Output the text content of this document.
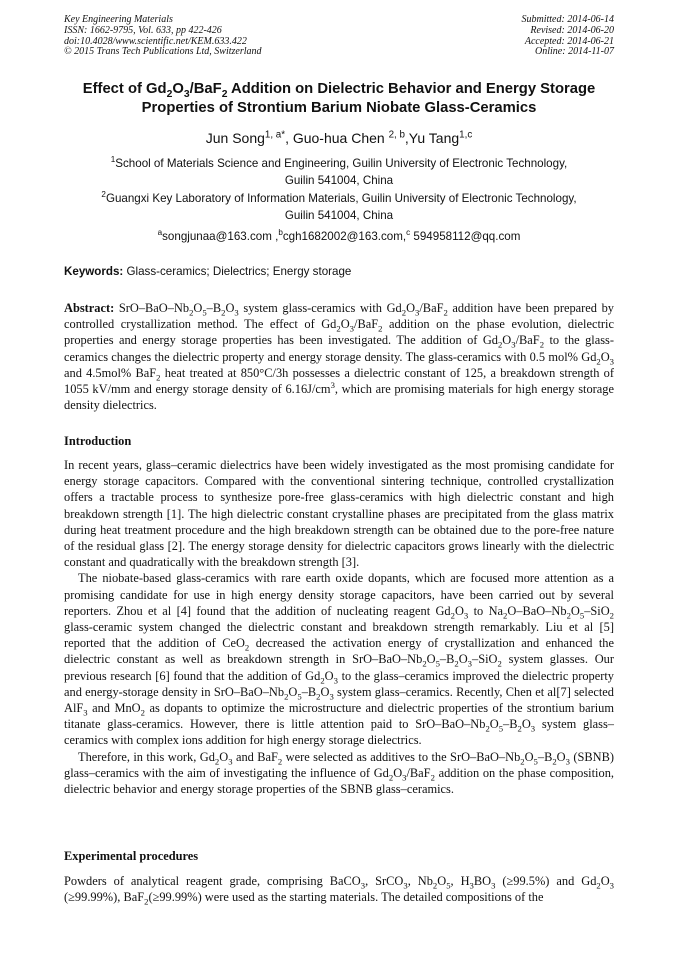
Key Engineering Materials
ISSN: 1662-9795, Vol. 633, pp 422-426
doi:10.4028/www.scientific.net/KEM.633.422
© 2015 Trans Tech Publications Ltd, Switzerland
Submitted: 2014-06-14
Revised: 2014-06-20
Accepted: 2014-06-21
Online: 2014-11-07
Effect of $Gd_2O_3/BaF_2$ Addition on Dielectric Behavior and Energy Storage
Properties of Strontium Barium Niobate Glass-Ceramics
Jun Song$^{1, a*}$, Guo-hua Chen $^{2, b}$,Yu Tang$^{1,c}$
$^1$School of Materials Science and Engineering, Guilin University of Electronic Technology,
Guilin 541004, China
$^2$Guangxi Key Laboratory of Information Materials, Guilin University of Electronic Technology,
Guilin 541004, China
$^a$songjunaa@163.com ,$^b$cgh1682002@163.com,$^c$ 594958112@qq.com
Keywords: Glass-ceramics; Dielectrics; Energy storage

Abstract: SrO–$BaO-Nb_2O_5-B_2O_3$ system glass-ceramics with $Gd_2O_3/BaF_2$ addition have been prepared by controlled crystallization method. The effect of $Gd_2O_3/BaF_2$ addition on the phase evolution, dielectric properties and energy storage properties has been investigated. The addition of $Gd_2O_3/BaF_2$ to the glass-ceramics changes the dielectric property and energy storage density. The glass-ceramics with 0.5 mol% $Gd_2O_3$ and 4.5mol% BaF$_2$ heat treated at 850°C/3h possesses a dielectric constant of 125, a breakdown strength of 1055 kV/mm and energy storage density of $6.16J/cm^3$, which are promising materials for high energy storage density dielectrics.

Introduction
In recent years, glass–ceramic dielectrics have been widely investigated as the most promising candidate for energy storage capacitors. Compared with the conventional sintering technique, controlled crystallization offers a tractable process to synthesize pore-free glass-ceramics with high dielectric constant and high breakdown strength [1]. The high dielectric constant crystalline phases are precipitated from the glass matrix during heat treatment procedure and the high breakdown strength can be obtained due to the pore-free nature of the residual glass [2]. The energy storage density for dielectric capacitors grows linearly with the dielectric constant and quadratically with the breakdown strength [3].
The niobate-based glass-ceramics with rare earth oxide dopants, which are focused more attention as a promising candidate for use in high energy density storage capacitors, have been carried out by several reporters. Zhou et al [4] found that the addition of nucleating reagent $Gd_2O_3$ to $Na_2O-BaO-Nb_2O_5-SiO_2$ glass-ceramic system changed the dielectric constant and breakdown strength remarkably. Liu et al [5] reported that the addition of CeO$_2$ decreased the activation energy of crystallization and enhanced the dielectric constant as well as breakdown strength in SrO–$BaO-Nb_2O_5-B_2O_3-SiO_2$ system glasses. Our previous research [6] found that the addition of $Gd_2O_3$ to the glass–ceramics improved the dielectric property and energy-storage density in SrO–$BaO-Nb_2O_5-B_2O_3$ system glass–ceramics. Recently, Chen et al[7] selected AlF$_3$ and MnO$_2$ as dopants to optimize the microstructure and dielectric properties of the strontium barium titanate glass-ceramics. However, there is little attention paid to SrO–$BaO-Nb_2O_5-B_2O_3$ system glass–ceramics with complex ions addition for high energy storage dielectrics.
Therefore, in this work, $Gd_2O_3$ and BaF$_2$ were selected as additives to the SrO–$BaO-Nb_2O_5-B_2O_3$ (SBNB) glass–ceramics with the aim of investigating the influence of $Gd_2O_3/BaF_2$ addition on the phase composition, dielectric behavior and energy storage properties of the SBNB glass–ceramics.
Experimental procedures

Powders of analytical reagent grade, comprising BaCO$_3$, SrCO$_3$, $Nb_2O_5$, $H_3BO_3$ (≥99.5%) and $Gd_2O_3$ (≥99.99%), BaF$_2$(≥99.99%) were used as the starting materials. The detailed compositions of the
